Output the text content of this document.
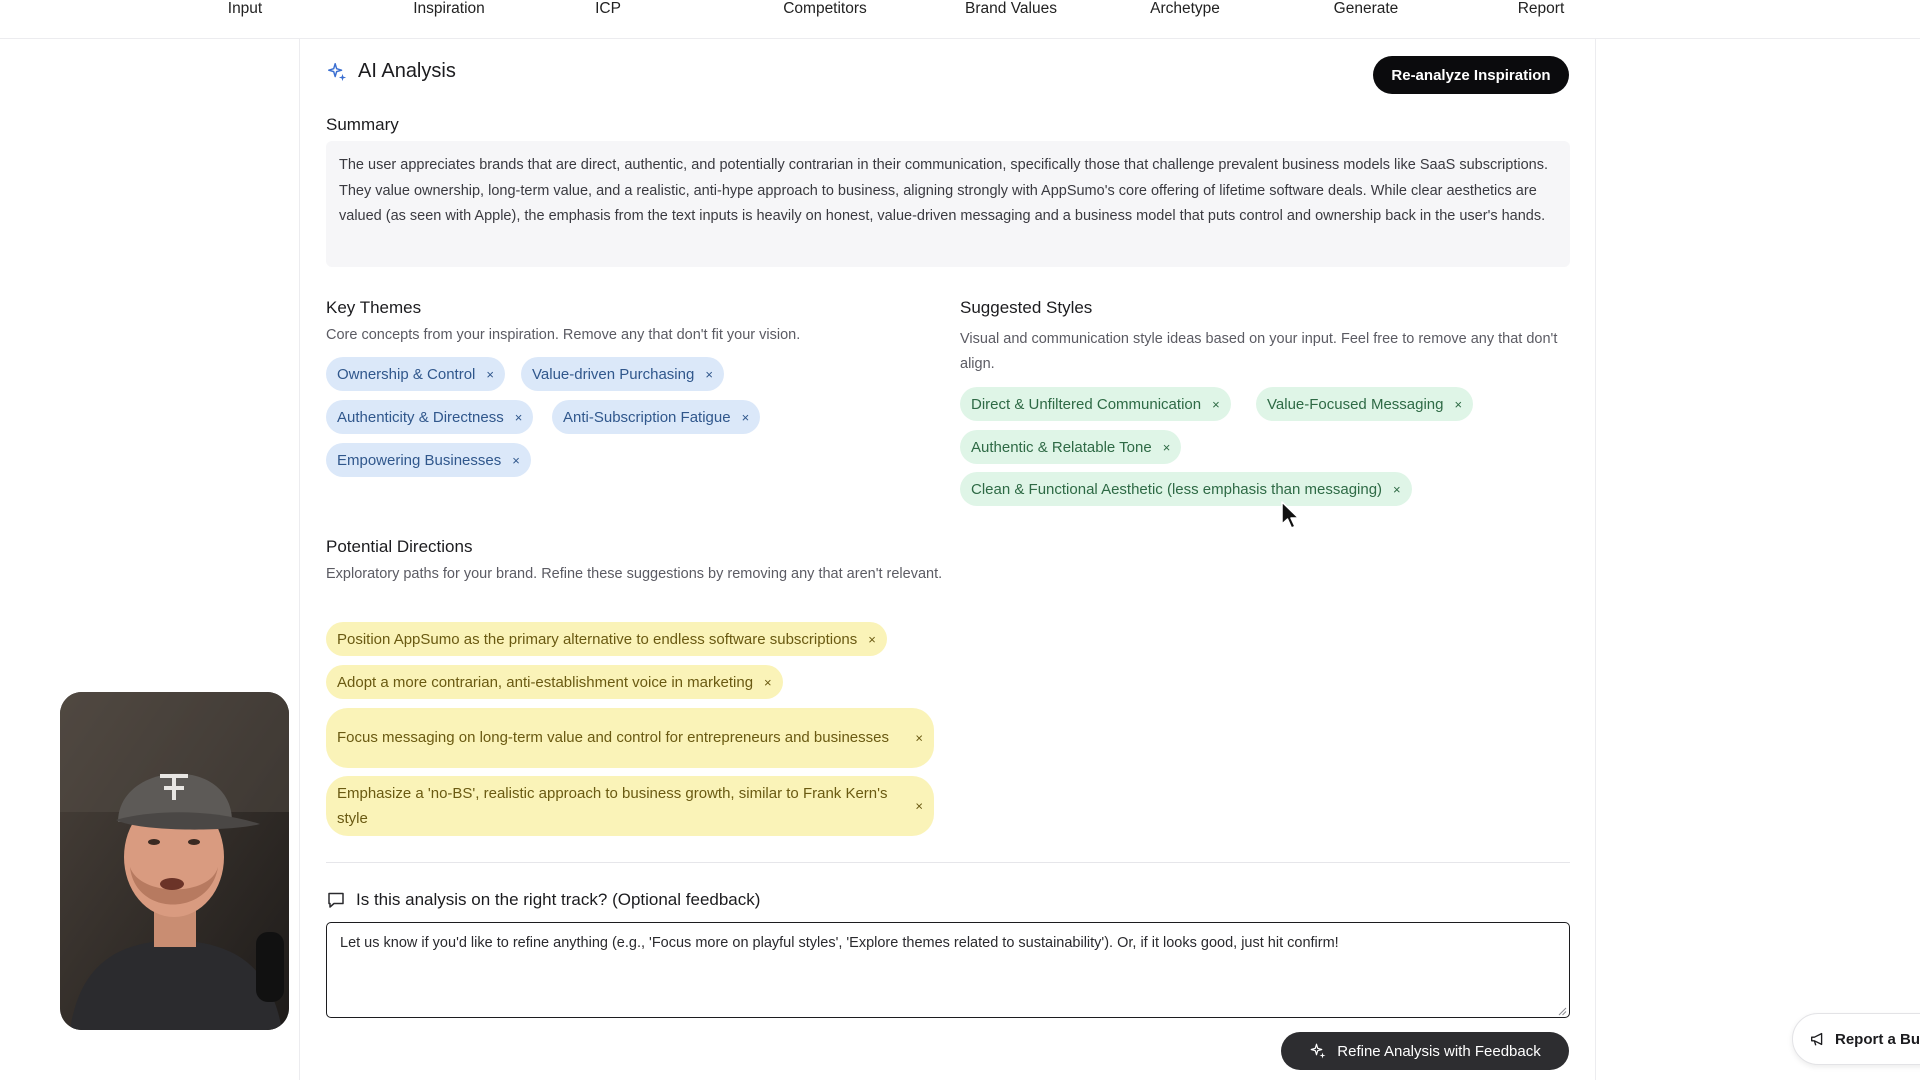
Input	Inspiration	ICP	Competitors	Brand Values	Archetype	Generate	Report
AI Analysis	Re-analyze Inspiration
Summary
The user appreciates brands that are direct, authentic, and potentially contrarian in their communication, specifically those that challenge prevalent business models like SaaS subscriptions. They value ownership, long-term value, and a realistic, anti-hype approach to business, aligning strongly with AppSumo's core offering of lifetime software deals. While clear aesthetics are valued (as seen with Apple), the emphasis from the text inputs is heavily on honest, value-driven messaging and a business model that puts control and ownership back in the user's hands.
Key Themes
Core concepts from your inspiration. Remove any that don't fit your vision.
Ownership & Control ×	Value-driven Purchasing ×
Authenticity & Directness ×	Anti-Subscription Fatigue ×
Empowering Businesses ×
Suggested Styles
Visual and communication style ideas based on your input. Feel free to remove any that don't align.
Direct & Unfiltered Communication ×	Value-Focused Messaging ×
Authentic & Relatable Tone ×
Clean & Functional Aesthetic (less emphasis than messaging) ×
Potential Directions
Exploratory paths for your brand. Refine these suggestions by removing any that aren't relevant.
Position AppSumo as the primary alternative to endless software subscriptions ×
Adopt a more contrarian, anti-establishment voice in marketing ×
Focus messaging on long-term value and control for entrepreneurs and businesses ×
Emphasize a 'no-BS', realistic approach to business growth, similar to Frank Kern's style
×
Is this analysis on the right track? (Optional feedback)
Let us know if you'd like to refine anything (e.g., 'Focus more on playful styles', 'Explore themes related to sustainability'). Or, if it looks good, just hit confirm!
Refine Analysis with Feedback
Report a Bu
